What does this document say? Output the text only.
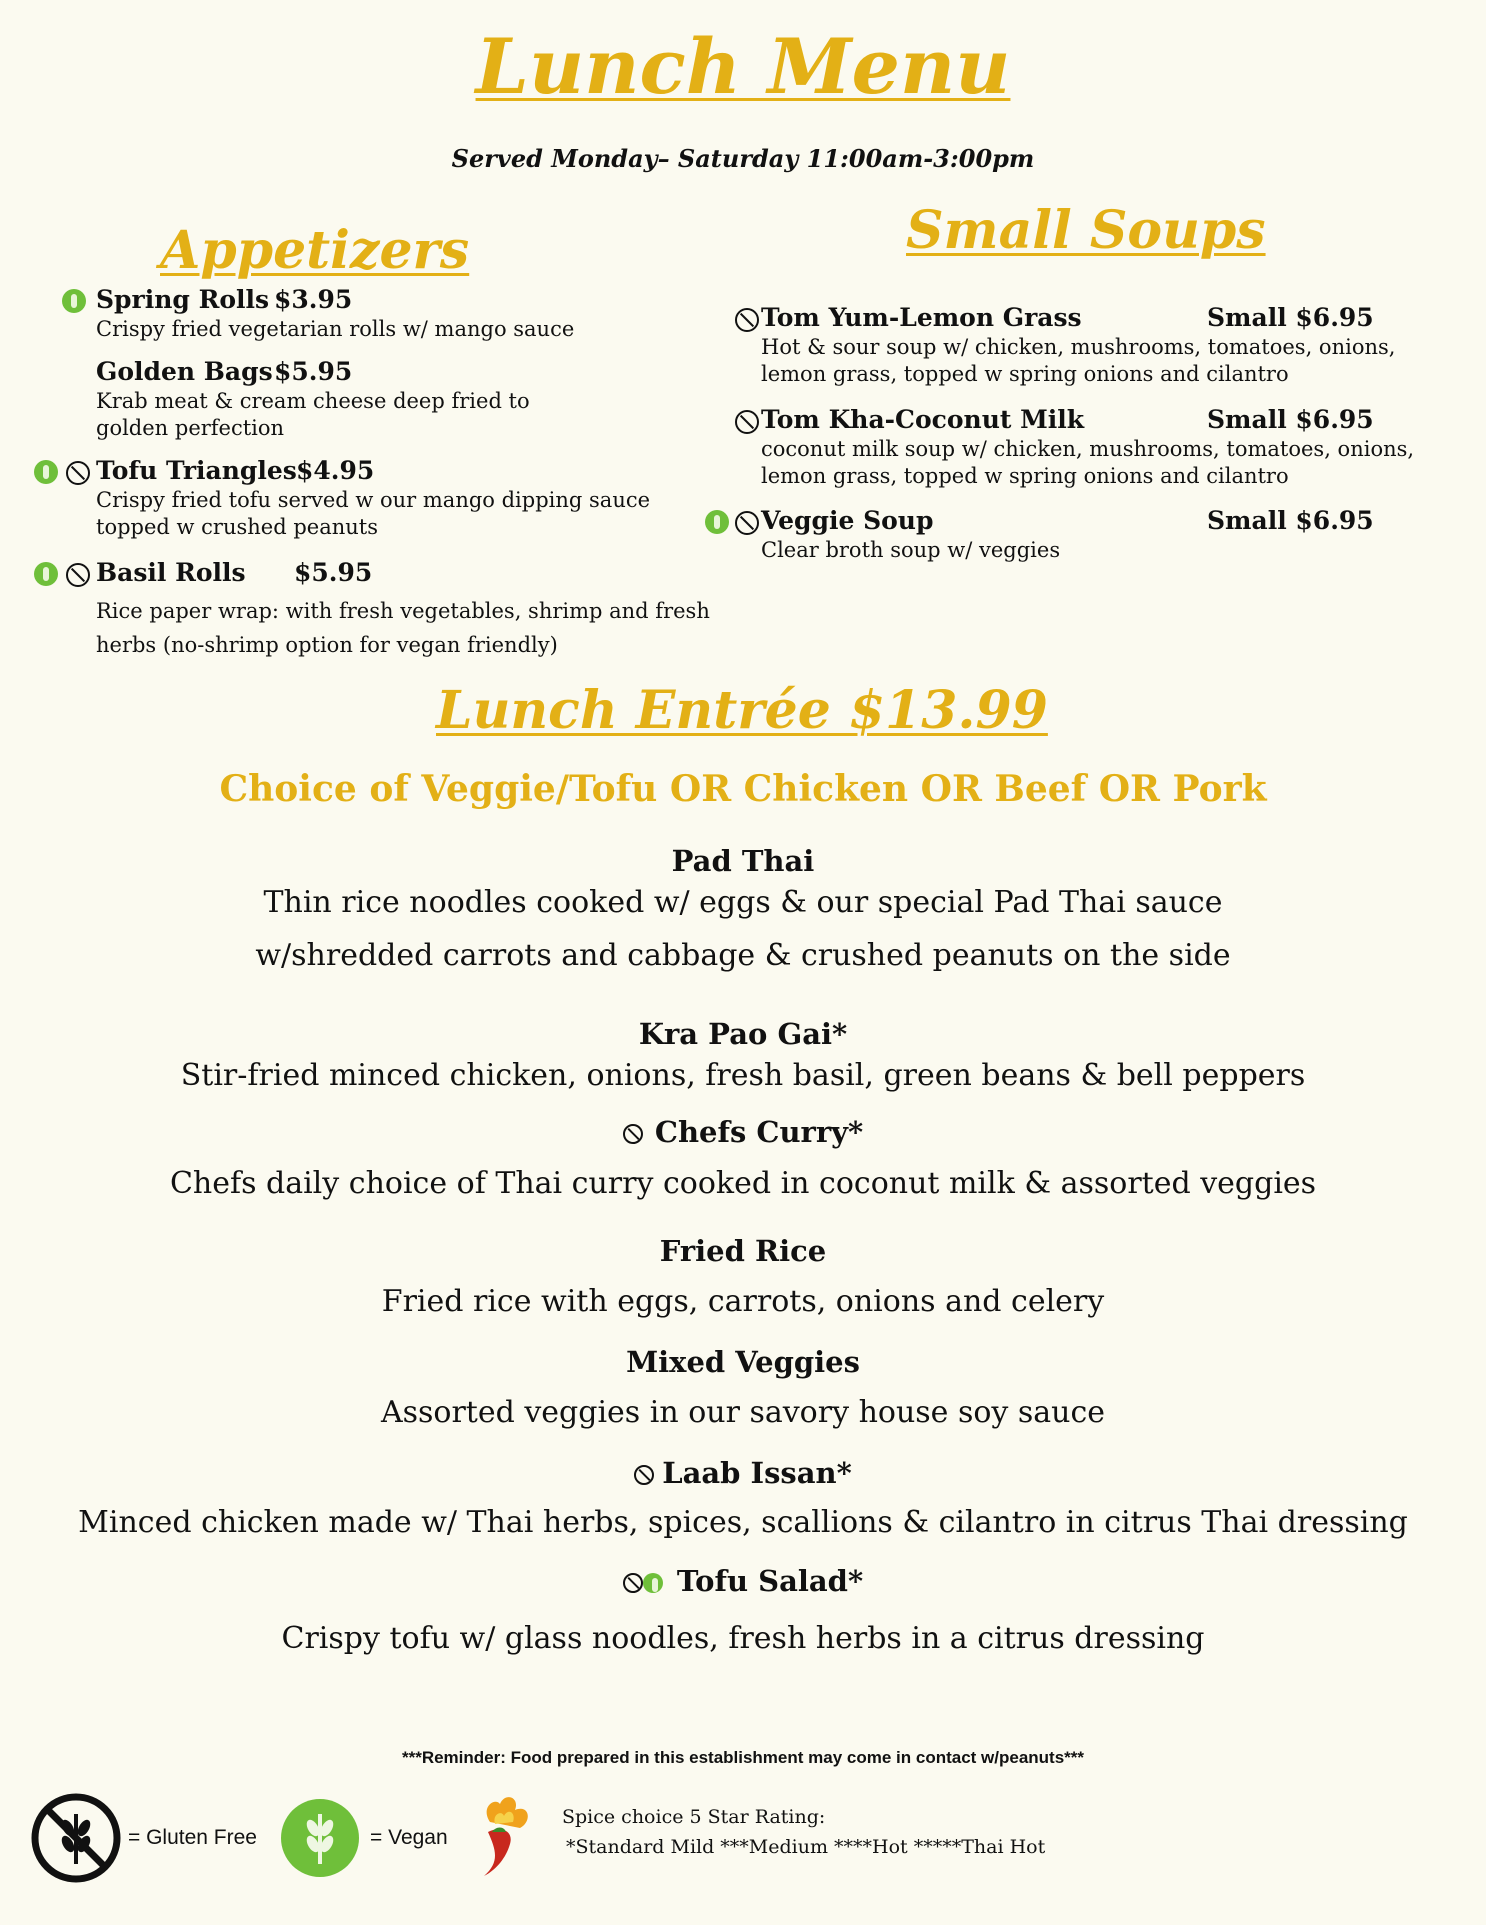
Lunch Menu
Served Monday– Saturday 11:00am-3:00pm
Appetizers
Spring Rolls $3.95
Crispy fried vegetarian rolls w/ mango sauce
Golden Bags $5.95
Krab meat & cream cheese deep fried to
golden perfection
Tofu Triangles $4.95
Crispy fried tofu served w our mango dipping sauce
topped w crushed peanuts
Basil Rolls $5.95
Rice paper wrap: with fresh vegetables, shrimp and fresh
herbs (no-shrimp option for vegan friendly)
Small Soups
Tom Yum-Lemon Grass	Small $6.95
Hot & sour soup w/ chicken, mushrooms, tomatoes, onions,
lemon grass, topped w spring onions and cilantro
Tom Kha-Coconut Milk	Small $6.95
coconut milk soup w/ chicken, mushrooms, tomatoes, onions,
lemon grass, topped w spring onions and cilantro
Veggie Soup	Small $6.95
Clear broth soup w/ veggies
Lunch Entrée $13.99
Choice of Veggie/Tofu OR Chicken OR Beef OR Pork
Pad Thai
Thin rice noodles cooked w/ eggs & our special Pad Thai sauce
w/shredded carrots and cabbage & crushed peanuts on the side
Kra Pao Gai*
Stir-fried minced chicken, onions, fresh basil, green beans & bell peppers
Chefs Curry*
Chefs daily choice of Thai curry cooked in coconut milk & assorted veggies
Fried Rice
Fried rice with eggs, carrots, onions and celery
Mixed Veggies
Assorted veggies in our savory house soy sauce
Laab Issan*
Minced chicken made w/ Thai herbs, spices, scallions & cilantro in citrus Thai dressing
Tofu Salad*
Crispy tofu w/ glass noodles, fresh herbs in a citrus dressing
***Reminder: Food prepared in this establishment may come in contact w/peanuts***
= Gluten Free	= Vegan
Spice choice 5 Star Rating:
*Standard Mild ***Medium ****Hot *****Thai Hot
